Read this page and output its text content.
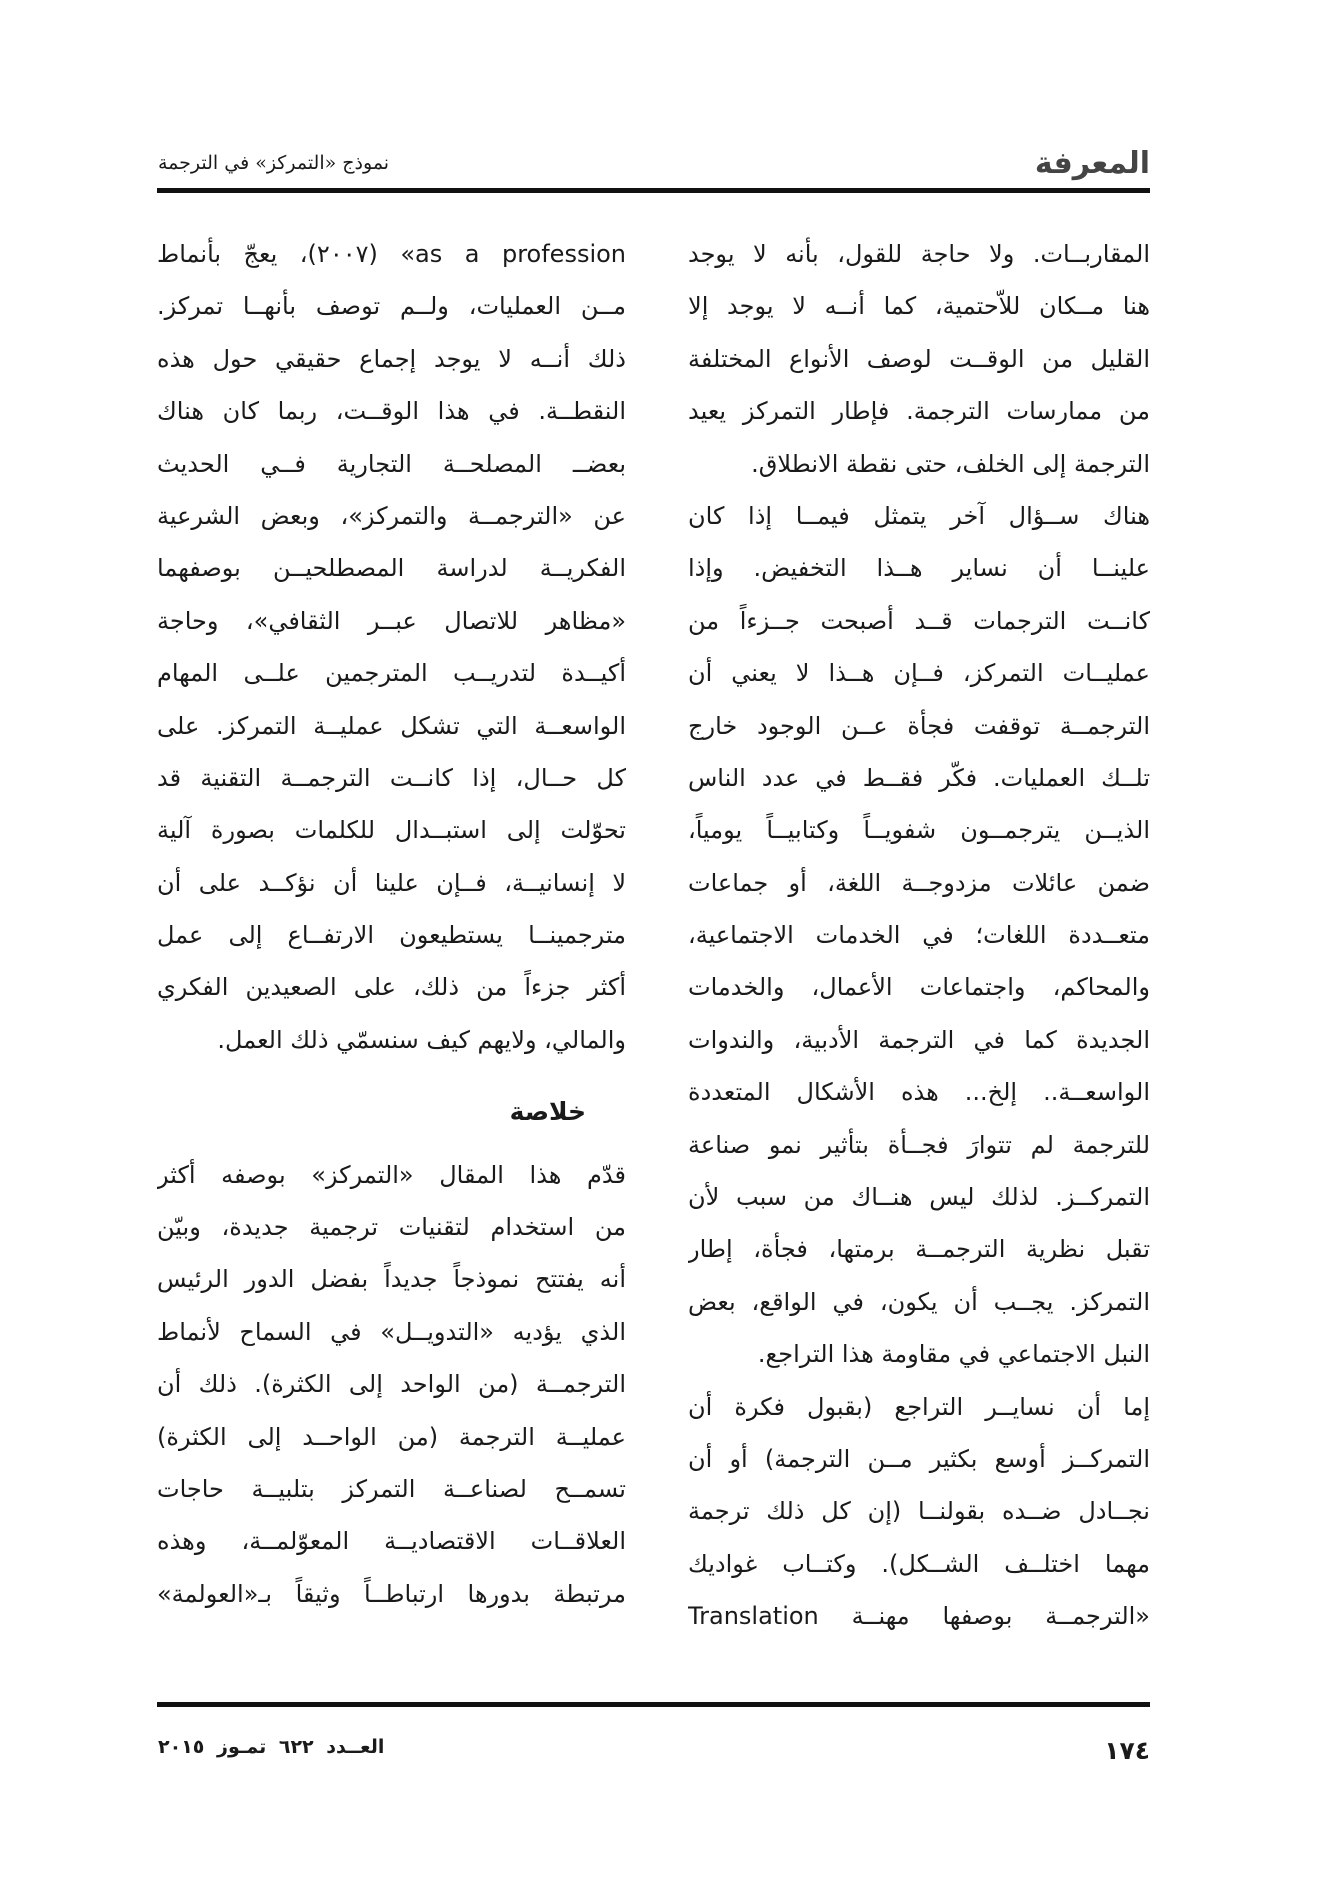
نموذج «التمركز» في الترجمة	المعرفة
المقاربــات. ولا حاجة للقول، بأنه لا يوجد
هنا مــكان للاّحتمية، كما أنــه لا يوجد إلا
القليل من الوقــت لوصف الأنواع المختلفة
من ممارسات الترجمة. فإطار التمركز يعيد
الترجمة إلى الخلف، حتى نقطة الانطلاق.
هناك ســؤال آخر يتمثل فيمــا إذا كان
علينــا أن نساير هــذا التخفيض. وإذا
كانــت الترجمات قــد أصبحت جــزءاً من
عمليــات التمركز، فــإن هــذا لا يعني أن
الترجمــة توقفت فجأة عــن الوجود خارج
تلــك العمليات. فكّر فقــط في عدد الناس
الذيــن يترجمــون شفويــاً وكتابيــاً يومياً،
ضمن عائلات مزدوجــة اللغة، أو جماعات
متعــددة اللغات؛ في الخدمات الاجتماعية،
والمحاكم، واجتماعات الأعمال، والخدمات
الجديدة كما في الترجمة الأدبية، والندوات
الواسعــة.. إلخ... هذه الأشكال المتعددة
للترجمة لم تتوارَ فجــأة بتأثير نمو صناعة
التمركــز. لذلك ليس هنــاك من سبب لأن
تقبل نظرية الترجمــة برمتها، فجأة، إطار
التمركز. يجــب أن يكون، في الواقع، بعض
النبل الاجتماعي في مقاومة هذا التراجع.
إما أن نسايــر التراجع (بقبول فكرة أن
التمركــز أوسع بكثير مــن الترجمة) أو أن
نجــادل ضــده بقولنــا (إن كل ذلك ترجمة
مهما اختلــف الشــكل). وكتــاب غواديك
«الترجمــة بوصفها مهنــة Translation
as a profession» (٢٠٠٧)، يعجّ بأنماط
مــن العمليات، ولــم توصف بأنهــا تمركز.
ذلك أنــه لا يوجد إجماع حقيقي حول هذه
النقطــة. في هذا الوقــت، ربما كان هناك
بعضــ المصلحــة التجارية فــي الحديث
عن «الترجمــة والتمركز»، وبعض الشرعية
الفكريــة لدراسة المصطلحيــن بوصفهما
«مظاهر للاتصال عبــر الثقافي»، وحاجة
أكيــدة لتدريــب المترجمين علــى المهام
الواسعــة التي تشكل عمليــة التمركز. على
كل حــال، إذا كانــت الترجمــة التقنية قد
تحوّلت إلى استبــدال للكلمات بصورة آلية
لا إنسانيــة، فــإن علينا أن نؤكــد على أن
مترجمينــا يستطيعون الارتفــاع إلى عمل
أكثر جزءاً من ذلك، على الصعيدين الفكري
والمالي، ولايهم كيف سنسمّي ذلك العمل.
خلاصة
قدّم هذا المقال «التمركز» بوصفه أكثر
من استخدام لتقنيات ترجمية جديدة، وبيّن
أنه يفتتح نموذجاً جديداً بفضل الدور الرئيس
الذي يؤديه «التدويــل» في السماح لأنماط
الترجمــة (من الواحد إلى الكثرة). ذلك أن
عمليــة الترجمة (من الواحــد إلى الكثرة)
تسمــح لصناعــة التمركز بتلبيــة حاجات
العلاقــات الاقتصاديــة المعوّلمــة، وهذه
مرتبطة بدورها ارتباطــاً وثيقاً بـ«العولمة»
١٧٤
العــدد ٦٢٢ تمـوز ٢٠١٥
